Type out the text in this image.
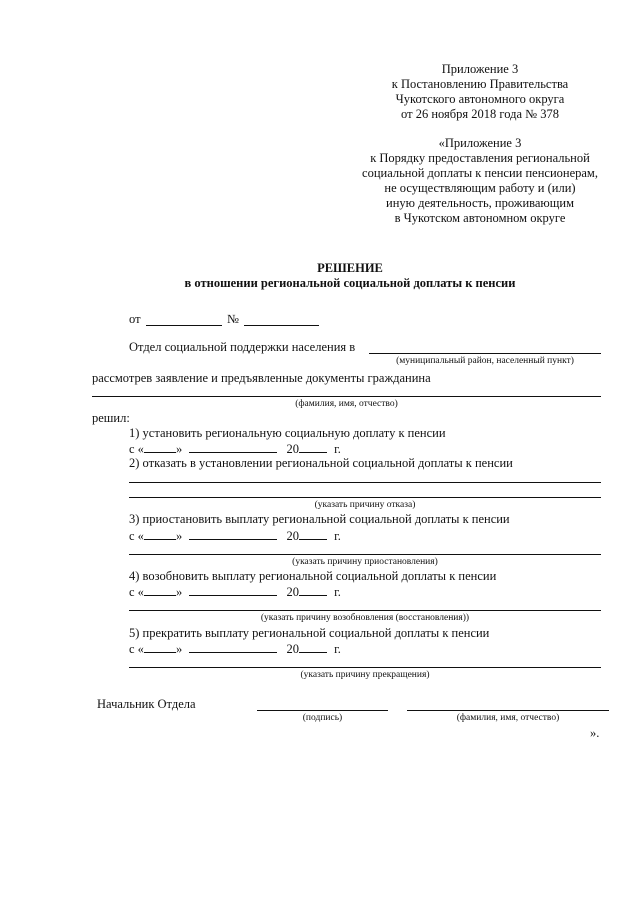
Приложение 3
к Постановлению Правительства
Чукотского автономного округа
от 26 ноября 2018 года № 378
«Приложение 3
к Порядку предоставления региональной
социальной доплаты к пенсии пенсионерам,
не осуществляющим работу и (или)
иную деятельность, проживающим
в Чукотском автономном округе
РЕШЕНИЕ
в отношении региональной социальной доплаты к пенсии
от	№
Отдел социальной поддержки населения в
(муниципальный район, населенный пункт)
рассмотрев заявление и предъявленные документы гражданина
(фамилия, имя, отчество)
решил:
1) установить региональную социальную доплату к пенсии
с «	»	20	г.
2) отказать в установлении региональной социальной доплаты к пенсии
(указать причину отказа)
3) приостановить выплату региональной социальной доплаты к пенсии
с «	»	20	г.
(указать причину приостановления)
4) возобновить выплату региональной социальной доплаты к пенсии
с «	»	20	г.
(указать причину возобновления (восстановления))
5) прекратить выплату региональной социальной доплаты к пенсии
с «	»	20	г.
(указать причину прекращения)
Начальник Отдела
(подпись)	(фамилия, имя, отчество)
».
